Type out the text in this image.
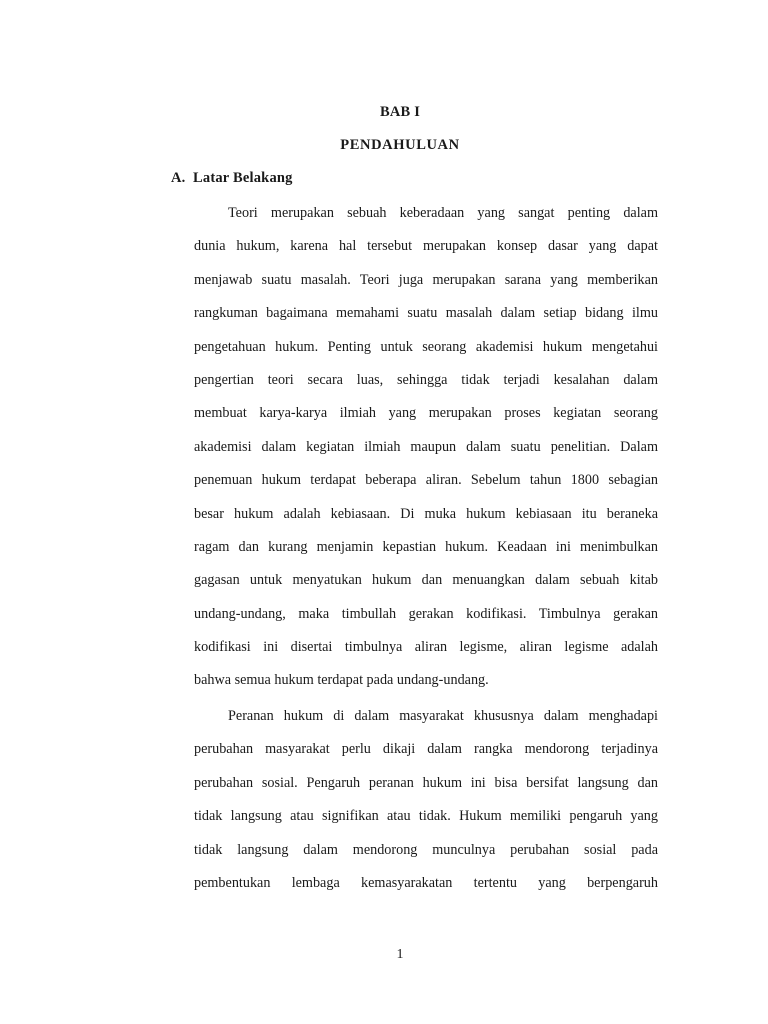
BAB I
PENDAHULUAN
A. Latar Belakang
Teori merupakan sebuah keberadaan yang sangat penting dalam
dunia hukum, karena hal tersebut merupakan konsep dasar yang dapat
menjawab suatu masalah. Teori juga merupakan sarana yang memberikan
rangkuman bagaimana memahami suatu masalah dalam setiap bidang ilmu
pengetahuan hukum. Penting untuk seorang akademisi hukum mengetahui
pengertian teori secara luas, sehingga tidak terjadi kesalahan dalam
membuat karya-karya ilmiah yang merupakan proses kegiatan seorang
akademisi dalam kegiatan ilmiah maupun dalam suatu penelitian. Dalam
penemuan hukum terdapat beberapa aliran. Sebelum tahun 1800 sebagian
besar hukum adalah kebiasaan. Di muka hukum kebiasaan itu beraneka
ragam dan kurang menjamin kepastian hukum. Keadaan ini menimbulkan
gagasan untuk menyatukan hukum dan menuangkan dalam sebuah kitab
undang-undang, maka timbullah gerakan kodifikasi. Timbulnya gerakan
kodifikasi ini disertai timbulnya aliran legisme, aliran legisme adalah
bahwa semua hukum terdapat pada undang-undang.
Peranan hukum di dalam masyarakat khususnya dalam menghadapi
perubahan masyarakat perlu dikaji dalam rangka mendorong terjadinya
perubahan sosial. Pengaruh peranan hukum ini bisa bersifat langsung dan
tidak langsung atau signifikan atau tidak. Hukum memiliki pengaruh yang
tidak langsung dalam mendorong munculnya perubahan sosial pada
pembentukan lembaga kemasyarakatan tertentu yang berpengaruh
1
